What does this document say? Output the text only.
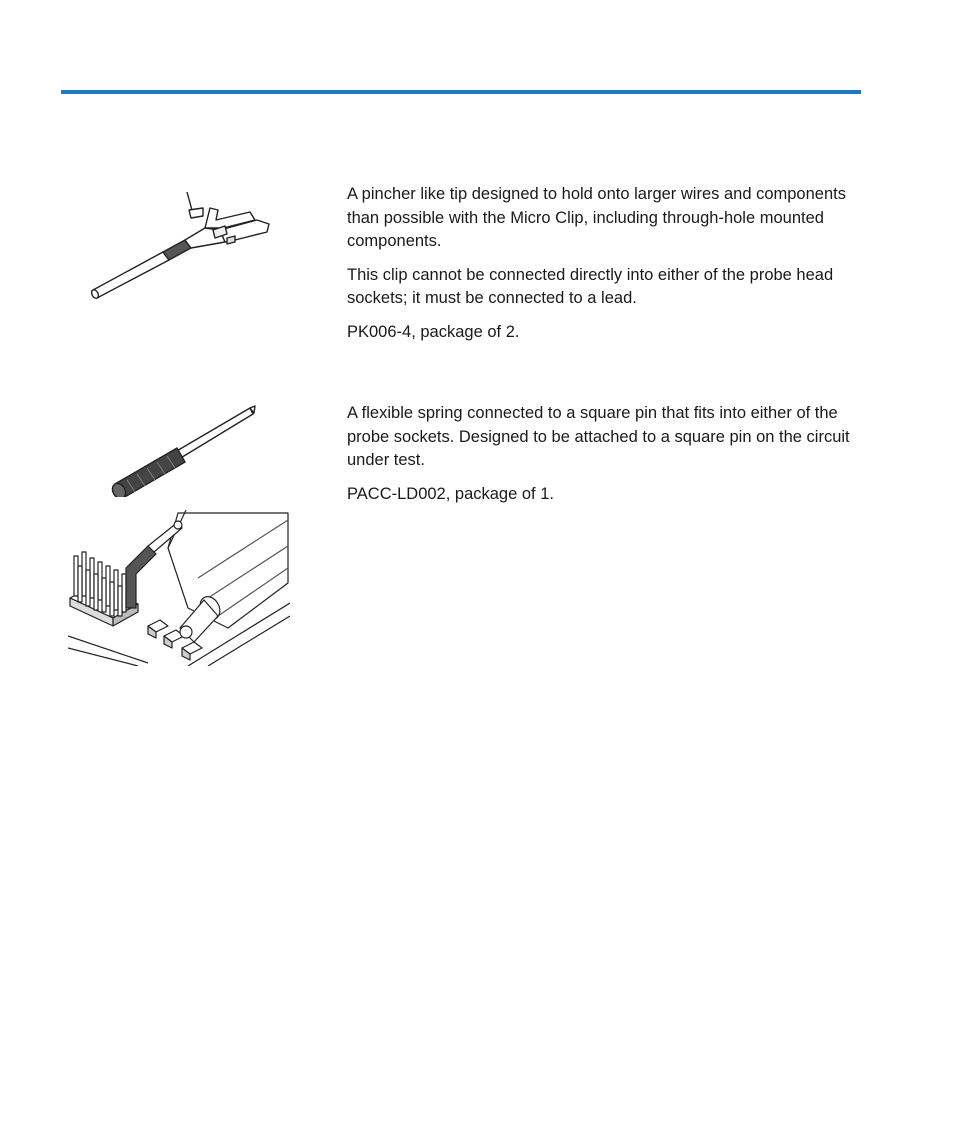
A pincher like tip designed to hold onto larger wires and components than possible with the Micro Clip, including through-hole mounted components.

This clip cannot be connected directly into either of the probe head sockets; it must be connected to a lead.

PK006-4, package of 2.

A flexible spring connected to a square pin that fits into either of the probe sockets. Designed to be attached to a square pin on the circuit under test.

PACC-LD002, package of 1.
